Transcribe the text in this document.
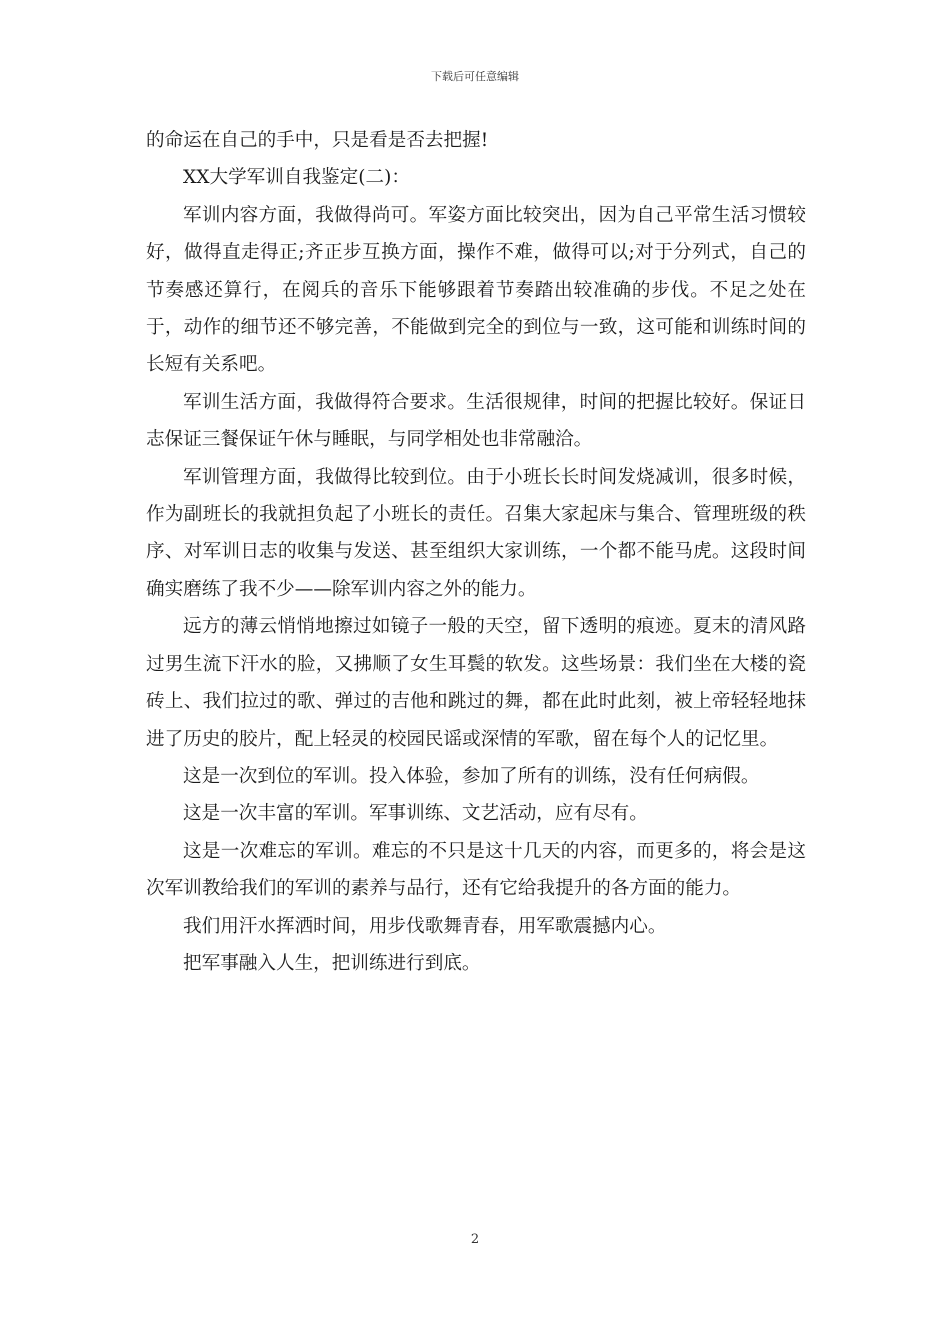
下载后可任意编辑

的命运在自己的手中，只是看是否去把握!

XX大学军训自我鉴定(二)：

军训内容方面，我做得尚可。军姿方面比较突出，因为自己平常生活习惯较好，做得直走得正;齐正步互换方面，操作不难，做得可以;对于分列式，自己的节奏感还算行，在阅兵的音乐下能够跟着节奏踏出较准确的步伐。不足之处在于，动作的细节还不够完善，不能做到完全的到位与一致，这可能和训练时间的长短有关系吧。

军训生活方面，我做得符合要求。生活很规律，时间的把握比较好。保证日志保证三餐保证午休与睡眠，与同学相处也非常融洽。

军训管理方面，我做得比较到位。由于小班长长时间发烧减训，很多时候，作为副班长的我就担负起了小班长的责任。召集大家起床与集合、管理班级的秩序、对军训日志的收集与发送、甚至组织大家训练，一个都不能马虎。这段时间确实磨练了我不少——除军训内容之外的能力。

远方的薄云悄悄地擦过如镜子一般的天空，留下透明的痕迹。夏末的清风路过男生流下汗水的脸，又拂顺了女生耳鬓的软发。这些场景：我们坐在大楼的瓷砖上、我们拉过的歌、弹过的吉他和跳过的舞，都在此时此刻，被上帝轻轻地抹进了历史的胶片，配上轻灵的校园民谣或深情的军歌，留在每个人的记忆里。

这是一次到位的军训。投入体验，参加了所有的训练，没有任何病假。

这是一次丰富的军训。军事训练、文艺活动，应有尽有。

这是一次难忘的军训。难忘的不只是这十几天的内容，而更多的，将会是这次军训教给我们的军训的素养与品行，还有它给我提升的各方面的能力。

我们用汗水挥洒时间，用步伐歌舞青春，用军歌震撼内心。

把军事融入人生，把训练进行到底。

2
